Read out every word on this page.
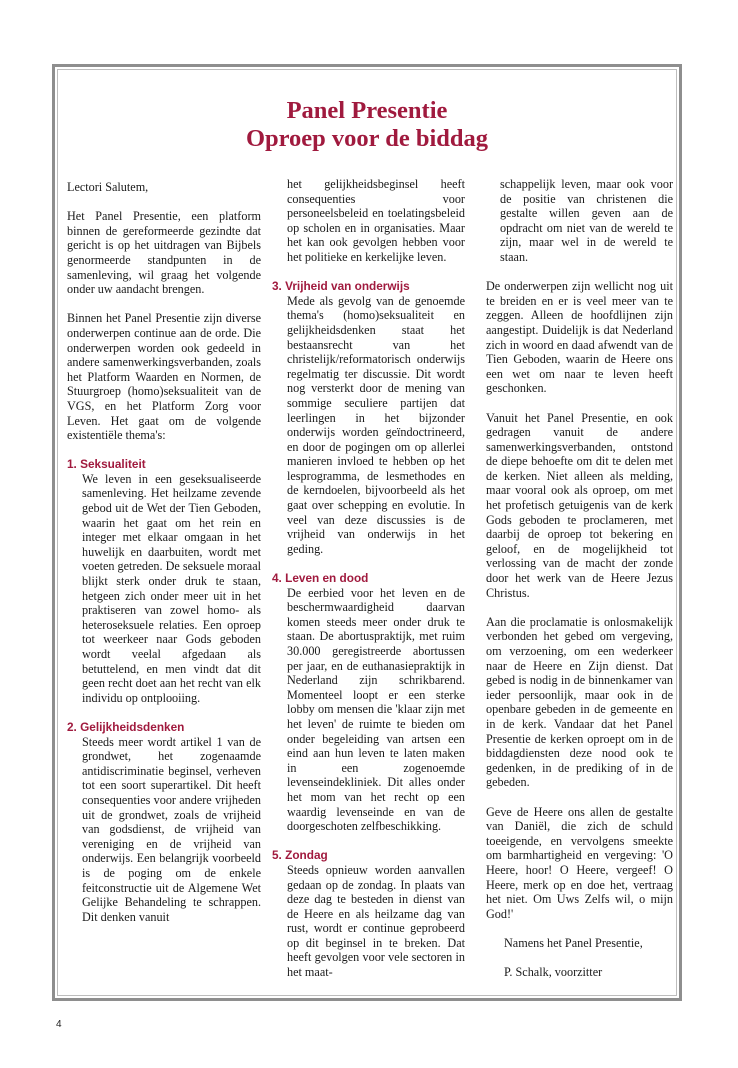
Panel Presentie
Oproep voor de biddag

Lectori Salutem,

Het Panel Presentie, een platform binnen de gereformeerde gezindte dat gericht is op het uitdragen van Bijbels genormeerde standpunten in de samenleving, wil graag het volgende onder uw aandacht brengen.

Binnen het Panel Presentie zijn diverse onderwerpen continue aan de orde. Die onderwerpen worden ook gedeeld in andere samenwerkingsverbanden, zoals het Platform Waarden en Normen, de Stuurgroep (homo)seksualiteit van de VGS, en het Platform Zorg voor Leven. Het gaat om de volgende existentiële thema's:

1. Seksualiteit

We leven in een geseksualiseerde samenleving. Het heilzame zevende gebod uit de Wet der Tien Geboden, waarin het gaat om het rein en integer met elkaar omgaan in het huwelijk en daarbuiten, wordt met voeten getreden. De seksuele moraal blijkt sterk onder druk te staan, hetgeen zich onder meer uit in het praktiseren van zowel homo- als heteroseksuele relaties. Een oproep tot weerkeer naar Gods geboden wordt veelal afgedaan als betuttelend, en men vindt dat dit geen recht doet aan het recht van elk individu op ontplooiing.

2. Gelijkheidsdenken

Steeds meer wordt artikel 1 van de grondwet, het zogenaamde antidiscriminatie beginsel, verheven tot een soort superartikel. Dit heeft consequenties voor andere vrijheden uit de grondwet, zoals de vrijheid van godsdienst, de vrijheid van vereniging en de vrijheid van onderwijs. Een belangrijk voorbeeld is de poging om de enkele feitconstructie uit de Algemene Wet Gelijke Behandeling te schrappen. Dit denken vanuit

het gelijkheidsbeginsel heeft consequenties voor personeelsbeleid en toelatingsbeleid op scholen en in organisaties. Maar het kan ook gevolgen hebben voor het politieke en kerkelijke leven.

3. Vrijheid van onderwijs

Mede als gevolg van de genoemde thema's (homo)seksualiteit en gelijkheidsdenken staat het bestaansrecht van het christelijk/reformatorisch onderwijs regelmatig ter discussie. Dit wordt nog versterkt door de mening van sommige seculiere partijen dat leerlingen in het bijzonder onderwijs worden geïndoctrineerd, en door de pogingen om op allerlei manieren invloed te hebben op het lesprogramma, de lesmethodes en de kerndoelen, bijvoorbeeld als het gaat over schepping en evolutie. In veel van deze discussies is de vrijheid van onderwijs in het geding.

4. Leven en dood

De eerbied voor het leven en de beschermwaardigheid daarvan komen steeds meer onder druk te staan. De abortuspraktijk, met ruim 30.000 geregistreerde abortussen per jaar, en de euthanasiepraktijk in Nederland zijn schrikbarend. Momenteel loopt er een sterke lobby om mensen die 'klaar zijn met het leven' de ruimte te bieden om onder begeleiding van artsen een eind aan hun leven te laten maken in een zogenoemde levenseindekliniek. Dit alles onder het mom van het recht op een waardig levenseinde en van de doorgeschoten zelfbeschikking.

5. Zondag

Steeds opnieuw worden aanvallen gedaan op de zondag. In plaats van deze dag te besteden in dienst van de Heere en als heilzame dag van rust, wordt er continue geprobeerd op dit beginsel in te breken. Dat heeft gevolgen voor vele sectoren in het maat-

schappelijk leven, maar ook voor de positie van christenen die gestalte willen geven aan de opdracht om niet van de wereld te zijn, maar wel in de wereld te staan.

De onderwerpen zijn wellicht nog uit te breiden en er is veel meer van te zeggen. Alleen de hoofdlijnen zijn aangestipt. Duidelijk is dat Nederland zich in woord en daad afwendt van de Tien Geboden, waarin de Heere ons een wet om naar te leven heeft geschonken.

Vanuit het Panel Presentie, en ook gedragen vanuit de andere samenwerkingsverbanden, ontstond de diepe behoefte om dit te delen met de kerken. Niet alleen als melding, maar vooral ook als oproep, om met het profetisch getuigenis van de kerk Gods geboden te proclameren, met daarbij de oproep tot bekering en geloof, en de mogelijkheid tot verlossing van de macht der zonde door het werk van de Heere Jezus Christus.

Aan die proclamatie is onlosmakelijk verbonden het gebed om vergeving, om verzoening, om een wederkeer naar de Heere en Zijn dienst. Dat gebed is nodig in de binnenkamer van ieder persoonlijk, maar ook in de openbare gebeden in de gemeente en in de kerk. Vandaar dat het Panel Presentie de kerken oproept om in de biddagdiensten deze nood ook te gedenken, in de prediking of in de gebeden.

Geve de Heere ons allen de gestalte van Daniël, die zich de schuld toeeigende, en vervolgens smeekte om barmhartigheid en vergeving: 'O Heere, hoor! O Heere, vergeef! O Heere, merk op en doe het, vertraag het niet. Om Uws Zelfs wil, o mijn God!'

Namens het Panel Presentie,

P. Schalk, voorzitter

4
